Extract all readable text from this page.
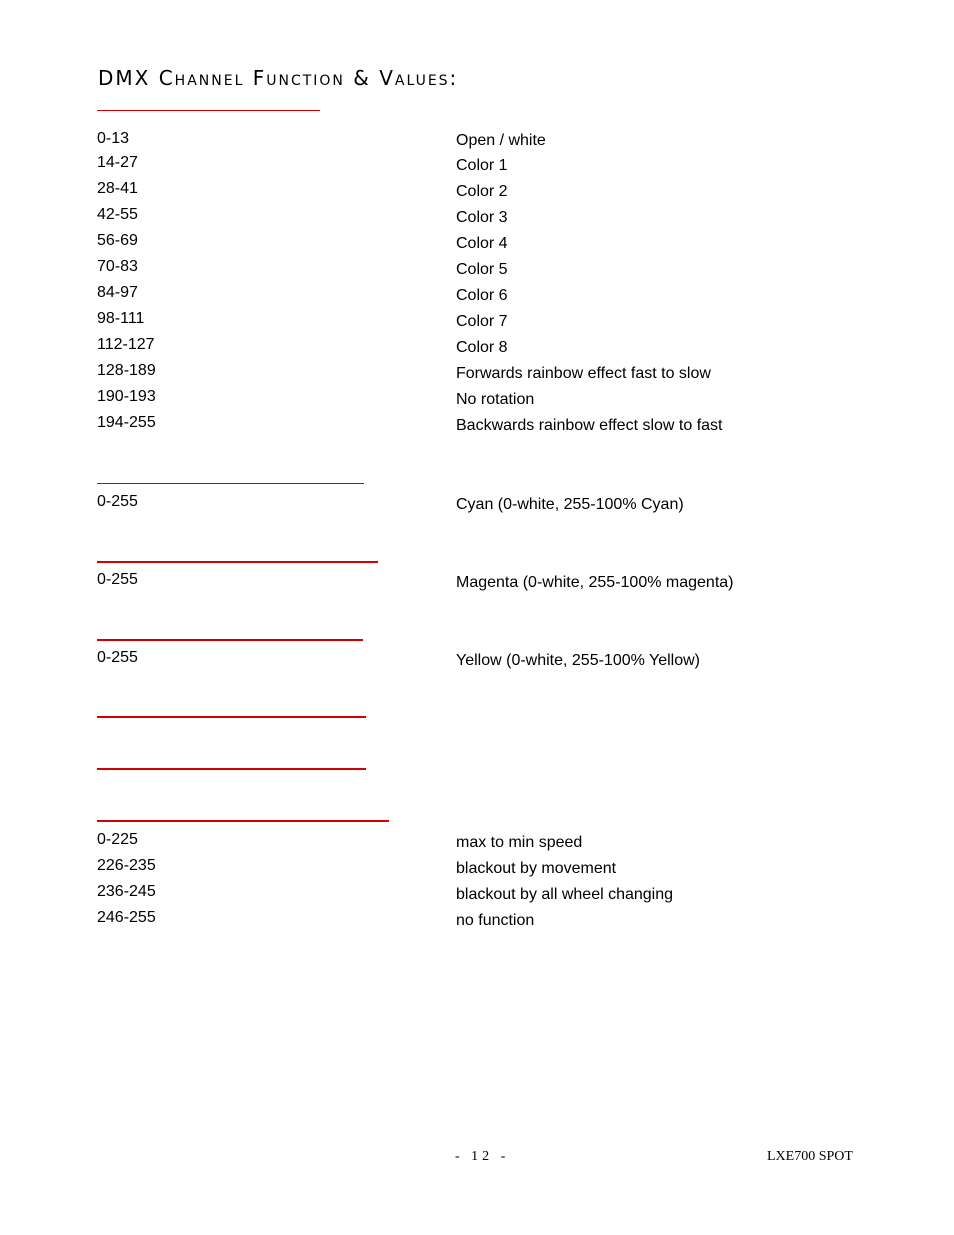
DMX Channel Function & Values:
0-13	Open / white
14-27	Color 1
28-41	Color 2
42-55	Color 3
56-69	Color 4
70-83	Color 5
84-97	Color 6
98-111	Color 7
112-127	Color 8
128-189	Forwards rainbow effect fast to slow
190-193	No rotation
194-255	Backwards rainbow effect slow to fast
0-255	Cyan (0-white, 255-100% Cyan)
0-255	Magenta (0-white, 255-100% magenta)
0-255	Yellow (0-white, 255-100% Yellow)
0-225	max to min speed
226-235	blackout by movement
236-245	blackout by all wheel changing
246-255	no function
- 12 -	LXE700 SPOT
